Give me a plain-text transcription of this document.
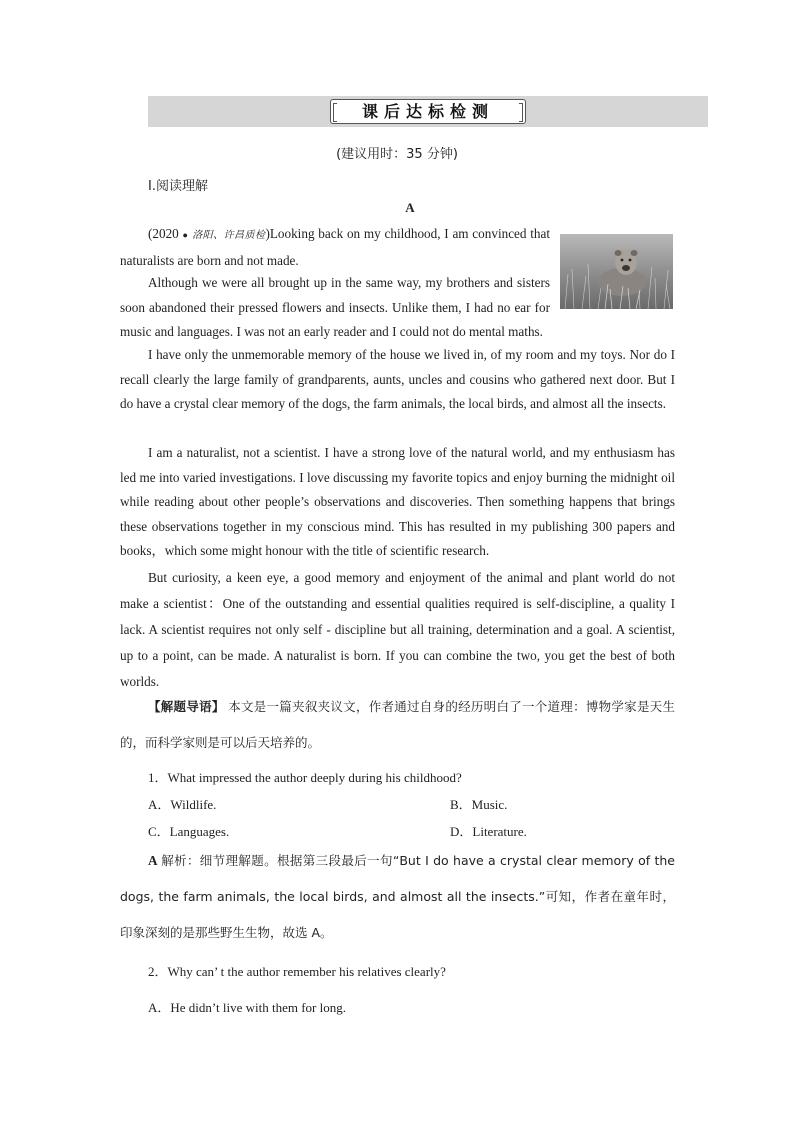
课后达标检测
(建议用时：35 分钟)
Ⅰ.阅读理解
A

(2020 ● 洛阳、许昌质检)Looking back on my childhood, I am convinced that naturalists are born and not made.

Although we were all brought up in the same way, my brothers and sisters soon abandoned their pressed flowers and insects. Unlike them, I had no ear for music and languages. I was not an early reader and I could not do mental maths.

I have only the unmemorable memory of the house we lived in, of my room and my toys. Nor do I recall clearly the large family of grandparents, aunts, uncles and cousins who gathered next door. But I do have a crystal clear memory of the dogs, the farm animals, the local birds, and almost all the insects.

I am a naturalist, not a scientist. I have a strong love of the natural world, and my enthusiasm has led me into varied investigations. I love discussing my favorite topics and enjoy burning the midnight oil while reading about other people’s observations and discoveries. Then something happens that brings these observations together in my conscious mind. This has resulted in my publishing 300 papers and books，which some might honour with the title of scientific research.

But curiosity, a keen eye, a good memory and enjoyment of the animal and plant world do not make a scientist：One of the outstanding and essential qualities required is self-discipline, a quality I lack. A scientist requires not only self - discipline but all training, determination and a goal. A scientist, up to a point, can be made. A naturalist is born. If you can combine the two, you get the best of both worlds.

【解题导语】 本文是一篇夹叙夹议文，作者通过自身的经历明白了一个道理：博物学家是天生的，而科学家则是可以后天培养的。

1．What impressed the author deeply during his childhood?
A．Wildlife.	B．Music.
C．Languages.	D．Literature.

A 解析：细节理解题。根据第三段最后一句“But I do have a crystal clear memory of the dogs, the farm animals, the local birds, and almost all the insects.”可知，作者在童年时，印象深刻的是那些野生生物，故选 A。

2．Why can’ t the author remember his relatives clearly?
A．He didn’t live with them for long.
